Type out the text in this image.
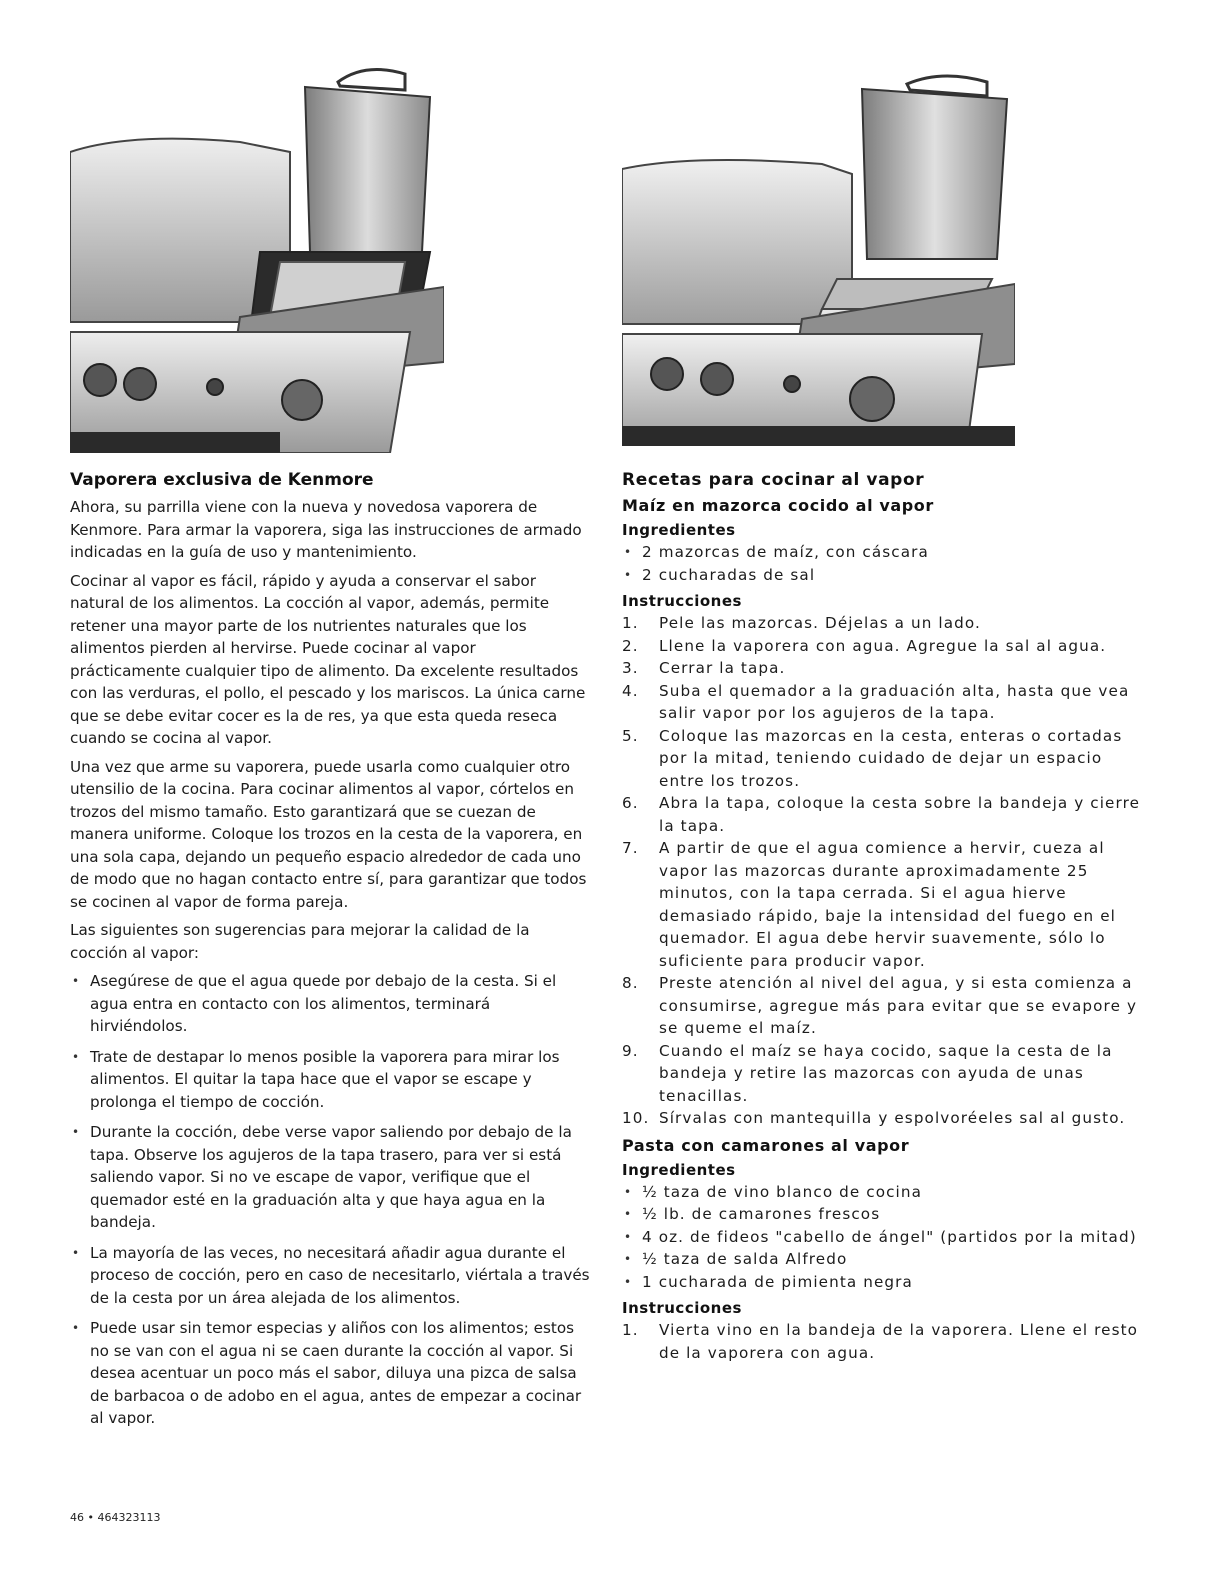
Vaporera exclusiva de Kenmore

Ahora, su parrilla viene con la nueva y novedosa vaporera de Kenmore. Para armar la vaporera, siga las instrucciones de armado indicadas en la guía de uso y mantenimiento.

Cocinar al vapor es fácil, rápido y ayuda a conservar el sabor natural de los alimentos. La cocción al vapor, además, permite retener una mayor parte de los nutrientes naturales que los alimentos pierden al hervirse. Puede cocinar al vapor prácticamente cualquier tipo de alimento. Da excelente resultados con las verduras, el pollo, el pescado y los mariscos. La única carne que se debe evitar cocer es la de res, ya que esta queda reseca cuando se cocina al vapor.

Una vez que arme su vaporera, puede usarla como cualquier otro utensilio de la cocina. Para cocinar alimentos al vapor, córtelos en trozos del mismo tamaño. Esto garantizará que se cuezan de manera uniforme. Coloque los trozos en la cesta de la vaporera, en una sola capa, dejando un pequeño espacio alrededor de cada uno de modo que no hagan contacto entre sí, para garantizar que todos se cocinen al vapor de forma pareja.

Las siguientes son sugerencias para mejorar la calidad de la cocción al vapor:

• Asegúrese de que el agua quede por debajo de la cesta. Si el agua entra en contacto con los alimentos, terminará hirviéndolos.
• Trate de destapar lo menos posible la vaporera para mirar los alimentos. El quitar la tapa hace que el vapor se escape y prolonga el tiempo de cocción.
• Durante la cocción, debe verse vapor saliendo por debajo de la tapa. Observe los agujeros de la tapa trasero, para ver si está saliendo vapor. Si no ve escape de vapor, verifique que el quemador esté en la graduación alta y que haya agua en la bandeja.
• La mayoría de las veces, no necesitará añadir agua durante el proceso de cocción, pero en caso de necesitarlo, viértala a través de la cesta por un área alejada de los alimentos.
• Puede usar sin temor especias y aliños con los alimentos; estos no se van con el agua ni se caen durante la cocción al vapor. Si desea acentuar un poco más el sabor, diluya una pizca de salsa de barbacoa o de adobo en el agua, antes de empezar a cocinar al vapor.
Recetas para cocinar al vapor
Maíz en mazorca cocido al vapor
Ingredientes
• 2 mazorcas de maíz, con cáscara
• 2 cucharadas de sal
Instrucciones
1.	Pele las mazorcas. Déjelas a un lado.
2.	Llene la vaporera con agua. Agregue la sal al agua.
3.	Cerrar la tapa.
4.	Suba el quemador a la graduación alta, hasta que vea salir vapor por los agujeros de la tapa.
5.	Coloque las mazorcas en la cesta, enteras o cortadas por la mitad, teniendo cuidado de dejar un espacio entre los trozos.
6.	Abra la tapa, coloque la cesta sobre la bandeja y cierre la tapa.
7.	A partir de que el agua comience a hervir, cueza al vapor las mazorcas durante aproximadamente 25 minutos, con la tapa cerrada. Si el agua hierve demasiado rápido, baje la intensidad del fuego en el quemador. El agua debe hervir suavemente, sólo lo suficiente para producir vapor.
8.	Preste atención al nivel del agua, y si esta comienza a consumirse, agregue más para evitar que se evapore y se queme el maíz.
9.	Cuando el maíz se haya cocido, saque la cesta de la bandeja y retire las mazorcas con ayuda de unas tenacillas.
10. Sírvalas con mantequilla y espolvoréeles sal al gusto.
Pasta con camarones al vapor
Ingredientes
• ½ taza de vino blanco de cocina
• ½ lb. de camarones frescos
• 4 oz. de fideos "cabello de ángel" (partidos por la mitad)
• ½ taza de salda Alfredo
• 1 cucharada de pimienta negra
Instrucciones
1.	Vierta vino en la bandeja de la vaporera. Llene el resto de la vaporera con agua.
46 • 464323113
